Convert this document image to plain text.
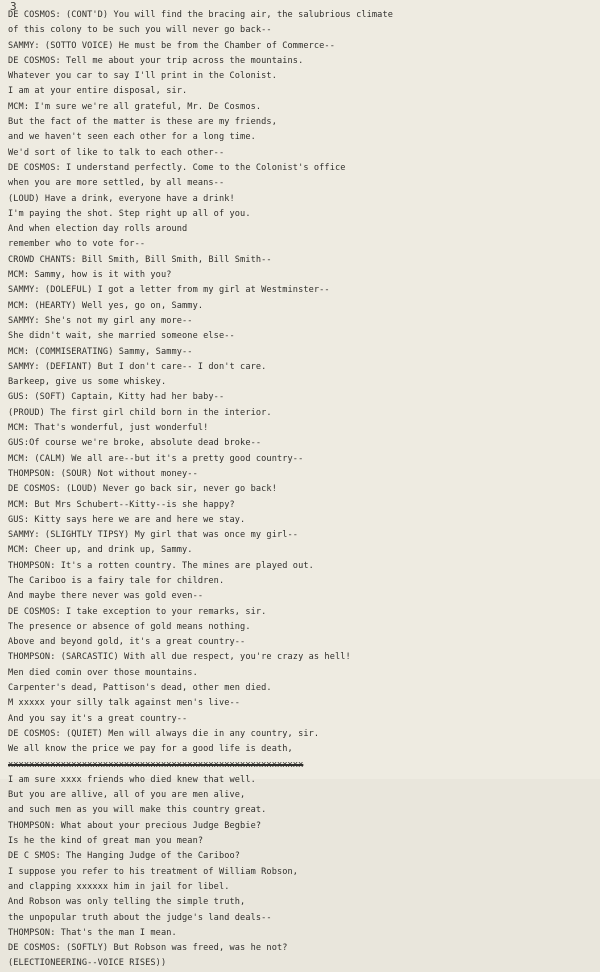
3
DE COSMOS: (CONT'D) You will find the bracing air, the salubrious climate
of this colony to be such you will never go back--
SAMMY: (SOTTO VOICE) He must be from the Chamber of Commerce--
DE COSMOS: Tell me about your trip across the mountains.
Whatever you car to say I'll print in the Colonist.
I am at your entire disposal, sir.
MCM: I'm sure we're all grateful, Mr. De Cosmos.
But the fact of the matter is these are my friends,
and we haven't seen each other for a long time.
We'd sort of like to talk to each other--
DE COSMOS: I understand perfectly. Come to the Colonist's office
when you are more settled, by all means--
(LOUD) Have a drink, everyone have a drink!
I'm paying the shot. Step right up all of you.
And when election day rolls around
remember who to vote for--
CROWD CHANTS: Bill Smith, Bill Smith, Bill Smith--
MCM: Sammy, how is it with you?
SAMMY: (DOLEFUL) I got a letter from my girl at Westminster--
MCM: (HEARTY) Well yes, go on, Sammy.
SAMMY: She's not my girl any more--
She didn't wait, she married someone else--
MCM: (COMMISERATING) Sammy, Sammy--
SAMMY: (DEFIANT) But I don't care-- I don't care.
Barkeep, give us some whiskey.
GUS: (SOFT) Captain, Kitty had her baby--
(PROUD) The first girl child born in the interior.
MCM: That's wonderful, just wonderful!
GUS:Of course we're broke, absolute dead broke--
MCM: (CALM) We all are--but it's a pretty good country--
THOMPSON: (SOUR) Not without money--
DE COSMOS: (LOUD) Never go back sir, never go back!
MCM: But Mrs Schubert--Kitty--is she happy?
GUS: Kitty says here we are and here we stay.
SAMMY: (SLIGHTLY TIPSY) My girl that was once my girl--
MCM: Cheer up, and drink up, Sammy.
THOMPSON: It's a rotten country. The mines are played out.
The Cariboo is a fairy tale for children.
And maybe there never was gold even--
DE COSMOS: I take exception to your remarks, sir.
The presence or absence of gold means nothing.
Above and beyond gold, it's a great country--
THOMPSON: (SARCASTIC) With all due respect, you're crazy as hell!
Men died comin over those mountains.
Carpenter's dead, Pattison's dead, other men died.
M xxxxx your silly talk against men's live--
And you say it's a great country--
DE COSMOS: (QUIET) Men will always die in any country, sir.
We all know the price we pay for a good life is death,
xxxxxxxxxxxxxxxxxxxxxxxxxxxxxxxxxxxxxxxxxxxxxxxxxxxxxxxx
I am sure xxxx friends who died knew that well.
But you are allive, all of you are men alive,
and such men as you will make this country great.
THOMPSON: What about your precious Judge Begbie?
Is he the kind of great man you mean?
DE C SMOS: The Hanging Judge of the Cariboo?
I suppose you refer to his treatment of William Robson,
and clapping xxxxxx him in jail for libel.
And Robson was only telling the simple truth,
the unpopular truth about the judge's land deals--
THOMPSON: That's the man I mean.
DE COSMOS: (SOFTLY) But Robson was freed, was he not?
(ELECTIONEERING--VOICE RISES))
